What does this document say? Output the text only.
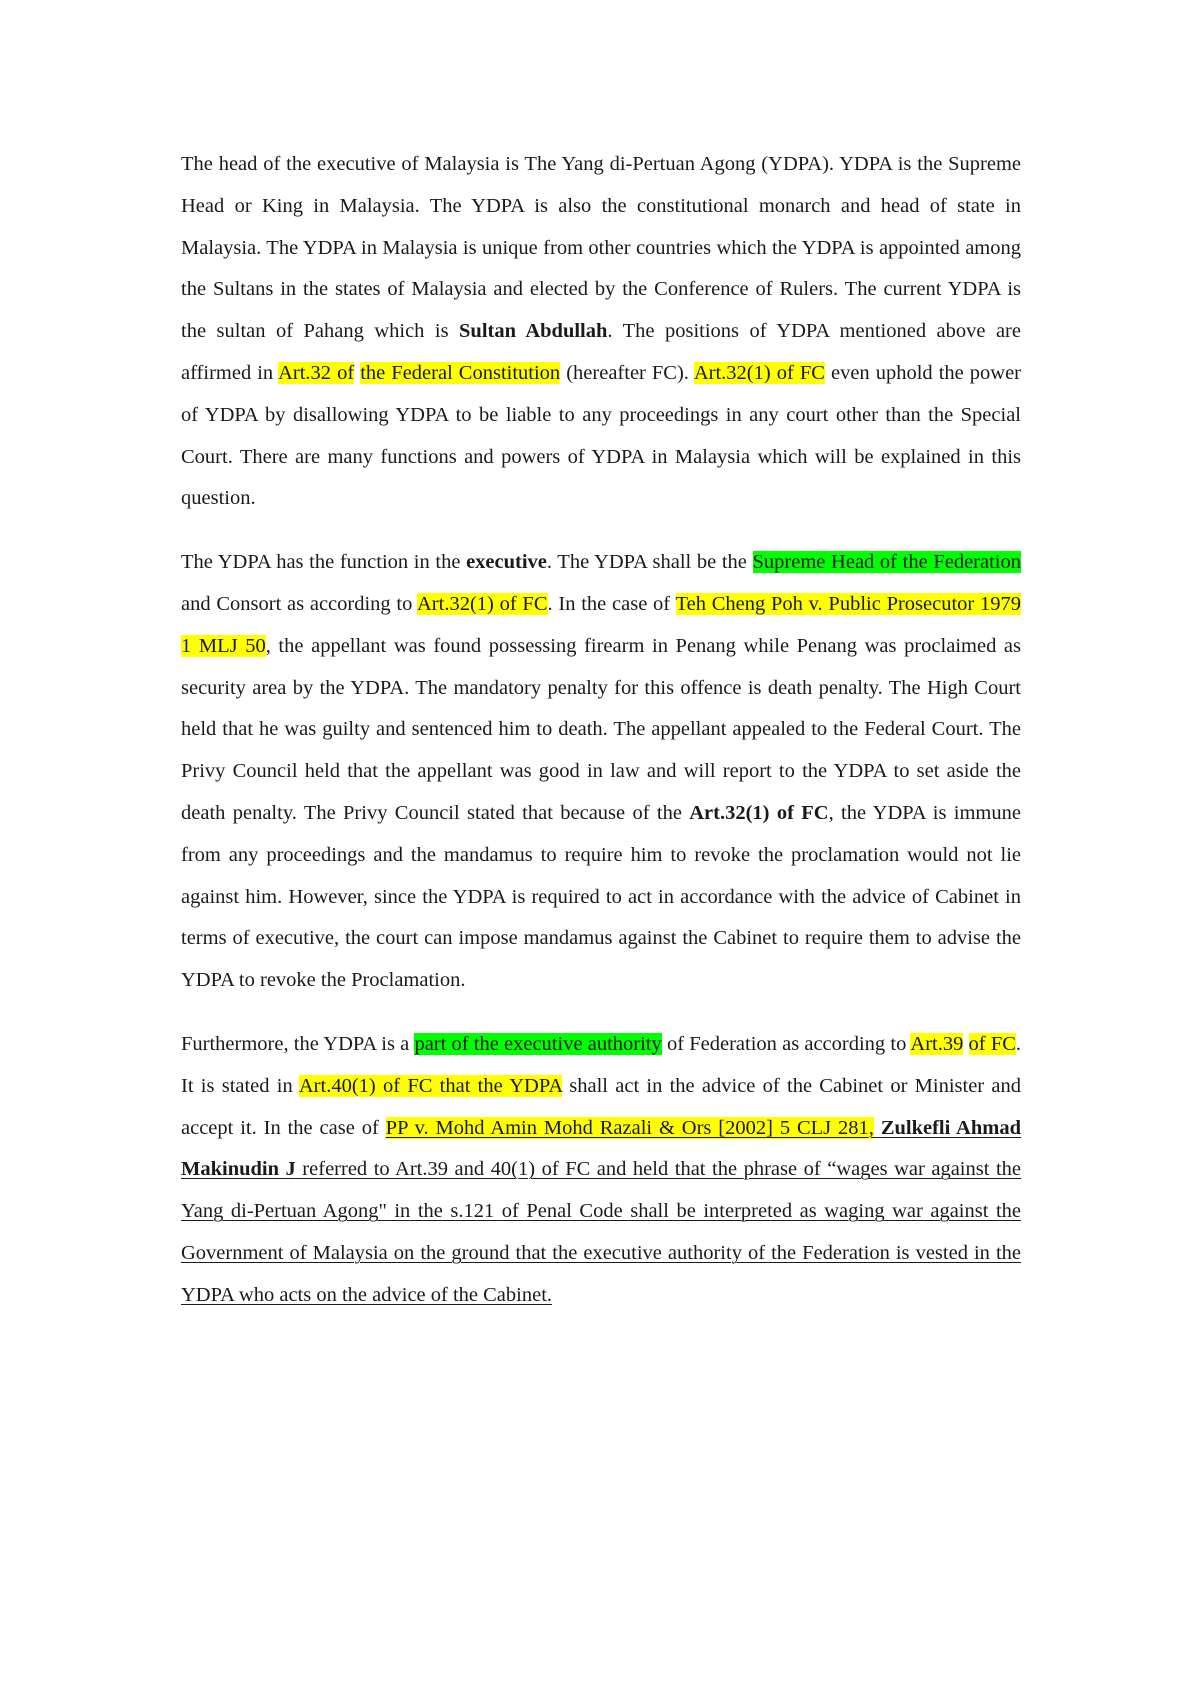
The head of the executive of Malaysia is The Yang di-Pertuan Agong (YDPA). YDPA is the Supreme Head or King in Malaysia. The YDPA is also the constitutional monarch and head of state in Malaysia. The YDPA in Malaysia is unique from other countries which the YDPA is appointed among the Sultans in the states of Malaysia and elected by the Conference of Rulers. The current YDPA is the sultan of Pahang which is Sultan Abdullah. The positions of YDPA mentioned above are affirmed in Art.32 of the Federal Constitution (hereafter FC). Art.32(1) of FC even uphold the power of YDPA by disallowing YDPA to be liable to any proceedings in any court other than the Special Court. There are many functions and powers of YDPA in Malaysia which will be explained in this question.

The YDPA has the function in the executive. The YDPA shall be the Supreme Head of the Federation and Consort as according to Art.32(1) of FC. In the case of Teh Cheng Poh v. Public Prosecutor 1979 1 MLJ 50, the appellant was found possessing firearm in Penang while Penang was proclaimed as security area by the YDPA. The mandatory penalty for this offence is death penalty. The High Court held that he was guilty and sentenced him to death. The appellant appealed to the Federal Court. The Privy Council held that the appellant was good in law and will report to the YDPA to set aside the death penalty. The Privy Council stated that because of the Art.32(1) of FC, the YDPA is immune from any proceedings and the mandamus to require him to revoke the proclamation would not lie against him. However, since the YDPA is required to act in accordance with the advice of Cabinet in terms of executive, the court can impose mandamus against the Cabinet to require them to advise the YDPA to revoke the Proclamation.

Furthermore, the YDPA is a part of the executive authority of Federation as according to Art.39 of FC. It is stated in Art.40(1) of FC that the YDPA shall act in the advice of the Cabinet or Minister and accept it. In the case of PP v. Mohd Amin Mohd Razali & Ors [2002] 5 CLJ 281, Zulkefli Ahmad Makinudin J referred to Art.39 and 40(1) of FC and held that the phrase of “wages war against the Yang di-Pertuan Agong" in the s.121 of Penal Code shall be interpreted as waging war against the Government of Malaysia on the ground that the executive authority of the Federation is vested in the YDPA who acts on the advice of the Cabinet.
